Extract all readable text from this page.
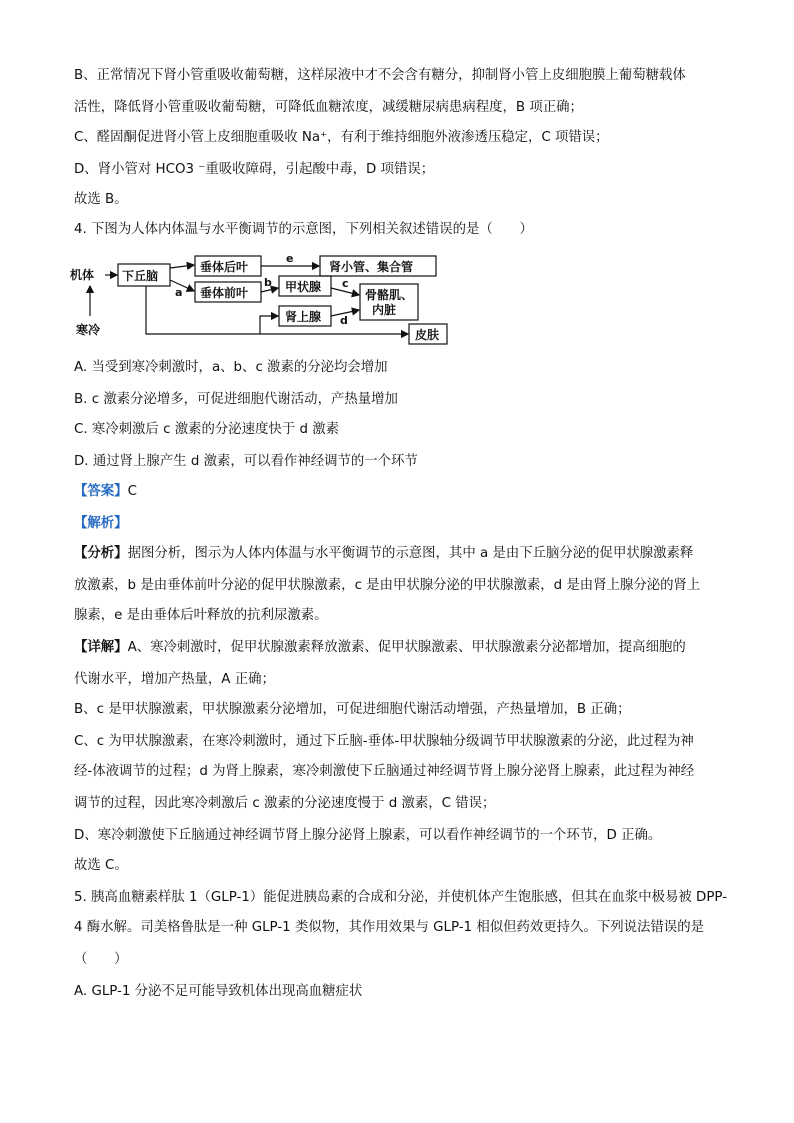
B、正常情况下肾小管重吸收葡萄糖，这样尿液中才不会含有糖分，抑制肾小管上皮细胞膜上葡萄糖载体
活性，降低肾小管重吸收葡萄糖，可降低血糖浓度，减缓糖尿病患病程度，B 项正确；
C、醛固酮促进肾小管上皮细胞重吸收 Na⁺，有利于维持细胞外液渗透压稳定，C 项错误；
D、肾小管对 HCO3 ⁻重吸收障碍，引起酸中毒，D 项错误；
故选 B。
4. 下图为人体内体温与水平衡调节的示意图，下列相关叙述错误的是（　　）
机体
寒冷
下丘脑
垂体后叶
垂体前叶	甲状腺
肾上腺
肾小管、集合管
骨骼肌、
内脏
皮肤
a
b	c
d
e
A. 当受到寒冷刺激时，a、b、c 激素的分泌均会增加
B. c 激素分泌增多，可促进细胞代谢活动，产热量增加
C. 寒冷刺激后 c 激素的分泌速度快于 d 激素
D. 通过肾上腺产生 d 激素，可以看作神经调节的一个环节
【答案】C
【解析】
【分析】据图分析，图示为人体内体温与水平衡调节的示意图，其中 a 是由下丘脑分泌的促甲状腺激素释
放激素，b 是由垂体前叶分泌的促甲状腺激素，c 是由甲状腺分泌的甲状腺激素，d 是由肾上腺分泌的肾上
腺素，e 是由垂体后叶释放的抗利尿激素。
【详解】A、寒冷刺激时，促甲状腺激素释放激素、促甲状腺激素、甲状腺激素分泌都增加，提高细胞的
代谢水平，增加产热量，A 正确；
B、c 是甲状腺激素，甲状腺激素分泌增加，可促进细胞代谢活动增强，产热量增加，B 正确；
C、c 为甲状腺激素，在寒冷刺激时，通过下丘脑-垂体-甲状腺轴分级调节甲状腺激素的分泌，此过程为神
经-体液调节的过程；d 为肾上腺素，寒冷刺激使下丘脑通过神经调节肾上腺分泌肾上腺素，此过程为神经
调节的过程，因此寒冷刺激后 c 激素的分泌速度慢于 d 激素，C 错误；
D、寒冷刺激使下丘脑通过神经调节肾上腺分泌肾上腺素，可以看作神经调节的一个环节，D 正确。
故选 C。
5. 胰高血糖素样肽 1（GLP-1）能促进胰岛素的合成和分泌，并使机体产生饱胀感，但其在血浆中极易被 DPP-
4 酶水解。司美格鲁肽是一种 GLP-1 类似物，其作用效果与 GLP-1 相似但药效更持久。下列说法错误的是
（　　）
A. GLP-1 分泌不足可能导致机体出现高血糖症状
